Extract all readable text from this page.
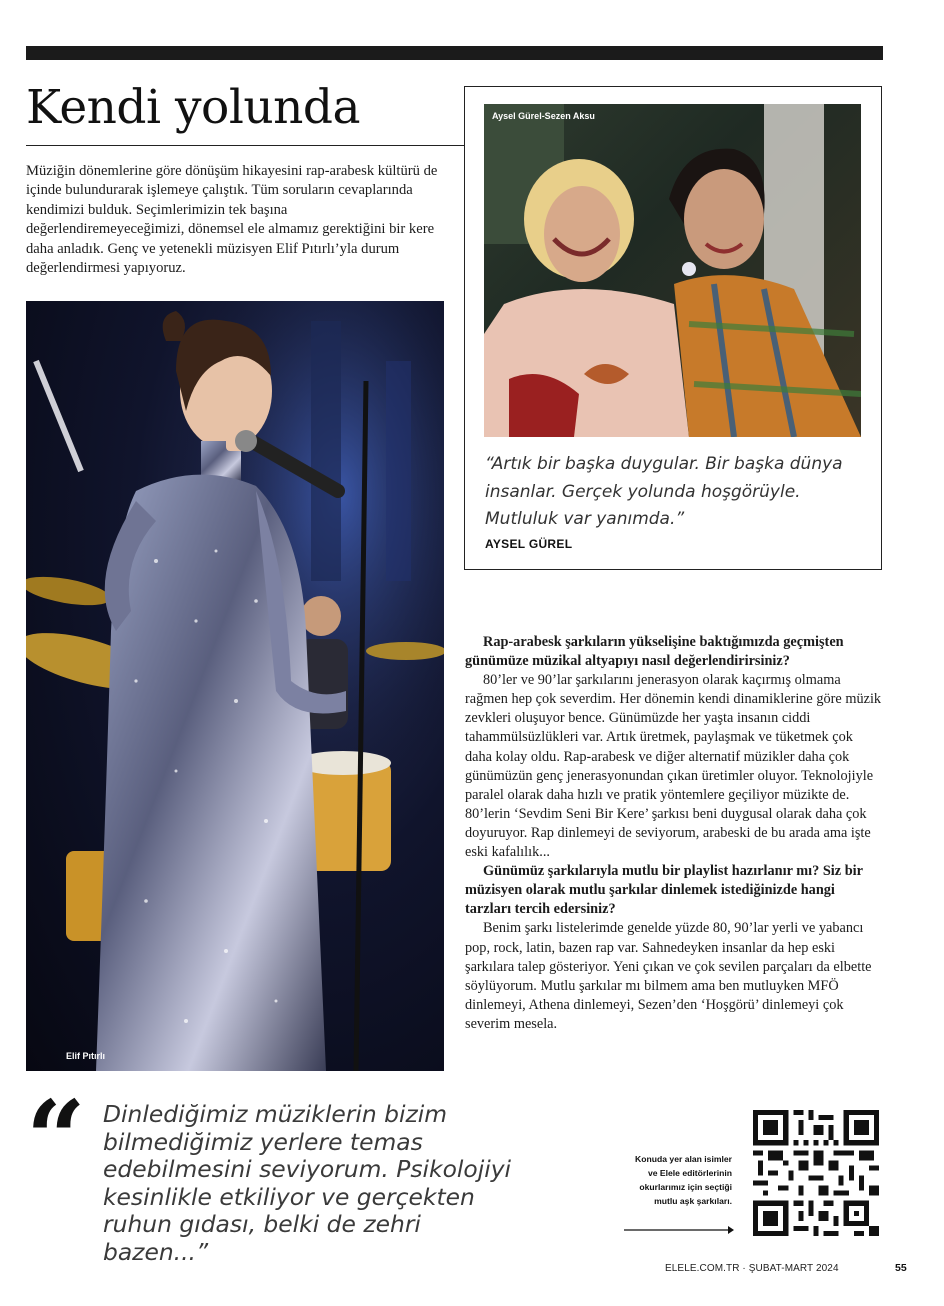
Kendi yolunda

Müziğin dönemlerine göre dönüşüm hikayesini rap-arabesk kültürü de içinde bulundurarak işlemeye çalıştık. Tüm soruların cevaplarında kendimizi bulduk. Seçimlerimizin tek başına değerlendiremeyeceğimizi, dönemsel ele almamız gerektiğini bir kere daha anladık. Genç ve yetenekli müzisyen Elif Pıtırlı’yla durum değerlendirmesi yapıyoruz.

Elif Pıtırlı
Aysel Gürel-Sezen Aksu

“Artık bir başka duygular. Bir başka dünya insanlar. Gerçek yolunda hoşgörüyle. Mutluluk var yanımda.”

AYSEL GÜREL

Rap-arabesk şarkıların yükselişine baktığımızda geçmişten günümüze müzikal altyapıyı nasıl değerlendirirsiniz?

80’ler ve 90’lar şarkılarını jenerasyon olarak kaçırmış olmama rağmen hep çok severdim. Her dönemin kendi dinamiklerine göre müzik zevkleri oluşuyor bence. Günümüzde her yaşta insanın ciddi tahammülsüzlükleri var. Artık üretmek, paylaşmak ve tüketmek çok daha kolay oldu. Rap-arabesk ve diğer alternatif müzikler daha çok günümüzün genç jenerasyonundan çıkan üretimler oluyor. Teknolojiyle paralel olarak daha hızlı ve pratik yöntemlere geçiliyor müzikte de. 80’lerin ‘Sevdim Seni Bir Kere’ şarkısı beni duygusal olarak daha çok doyuruyor. Rap dinlemeyi de seviyorum, arabeski de bu arada ama işte eski kafalılık...

Günümüz şarkılarıyla mutlu bir playlist hazırlanır mı? Siz bir müzisyen olarak mutlu şarkılar dinlemek istediğinizde hangi tarzları tercih edersiniz?

Benim şarkı listelerimde genelde yüzde 80, 90’lar yerli ve yabancı pop, rock, latin, bazen rap var. Sahnedeyken insanlar da hep eski şarkılara talep gösteriyor. Yeni çıkan ve çok sevilen parçaları da elbette söylüyorum. Mutlu şarkılar mı bilmem ama ben mutluyken MFÖ dinlemeyi, Athena dinlemeyi, Sezen’den ‘Hoşgörü’ dinlemeyi çok severim mesela.

“ Dinlediğimiz müziklerin bizim bilmediğimiz yerlere temas edebilmesini seviyorum. Psikolojiyi kesinlikle etkiliyor ve gerçekten ruhun gıdası, belki de zehri bazen...”

Konuda yer alan isimler ve Elele editörlerinin okurlarımız için seçtiği mutlu aşk şarkıları.
ELELE.COM.TR · ŞUBAT-MART 2024	55
